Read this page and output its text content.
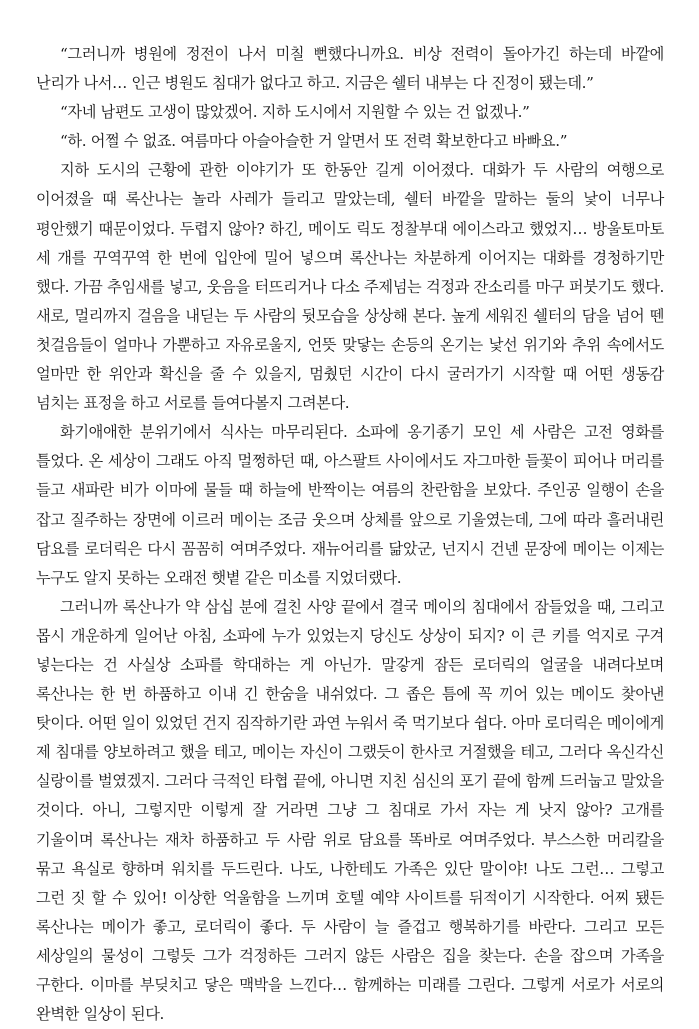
“그러니까 병원에 정전이 나서 미칠 뻔했다니까요. 비상 전력이 돌아가긴 하는데 바깥에 난리가 나서… 인근 병원도 침대가 없다고 하고. 지금은 쉘터 내부는 다 진정이 됐는데.”

“자네 남편도 고생이 많았겠어. 지하 도시에서 지원할 수 있는 건 없겠나.”

“하. 어쩔 수 없죠. 여름마다 아슬아슬한 거 알면서 또 전력 확보한다고 바빠요.”

지하 도시의 근황에 관한 이야기가 또 한동안 길게 이어졌다. 대화가 두 사람의 여행으로 이어졌을 때 록산나는 놀라 사레가 들리고 말았는데, 쉘터 바깥을 말하는 둘의 낯이 너무나 평안했기 때문이었다. 두렵지 않아? 하긴, 메이도 릭도 정찰부대 에이스라고 했었지… 방울토마토 세 개를 꾸역꾸역 한 번에 입안에 밀어 넣으며 록산나는 차분하게 이어지는 대화를 경청하기만 했다. 가끔 추임새를 넣고, 웃음을 터뜨리거나 다소 주제넘는 걱정과 잔소리를 마구 퍼붓기도 했다. 새로, 멀리까지 걸음을 내딛는 두 사람의 뒷모습을 상상해 본다. 높게 세워진 쉘터의 담을 넘어 뗀 첫걸음들이 얼마나 가뿐하고 자유로울지, 언뜻 맞닿는 손등의 온기는 낯선 위기와 추위 속에서도 얼마만 한 위안과 확신을 줄 수 있을지, 멈췄던 시간이 다시 굴러가기 시작할 때 어떤 생동감 넘치는 표정을 하고 서로를 들여다볼지 그려본다.

화기애애한 분위기에서 식사는 마무리된다. 소파에 옹기종기 모인 세 사람은 고전 영화를 틀었다. 온 세상이 그래도 아직 멀쩡하던 때, 아스팔트 사이에서도 자그마한 들꽃이 피어나 머리를 들고 새파란 비가 이마에 물들 때 하늘에 반짝이는 여름의 찬란함을 보았다. 주인공 일행이 손을 잡고 질주하는 장면에 이르러 메이는 조금 웃으며 상체를 앞으로 기울였는데, 그에 따라 흘러내린 담요를 로더릭은 다시 꼼꼼히 여며주었다. 재뉴어리를 닮았군, 넌지시 건넨 문장에 메이는 이제는 누구도 알지 못하는 오래전 햇볕 같은 미소를 지었더랬다.

그러니까 록산나가 약 삼십 분에 걸친 사양 끝에서 결국 메이의 침대에서 잠들었을 때, 그리고 몹시 개운하게 일어난 아침, 소파에 누가 있었는지 당신도 상상이 되지? 이 큰 키를 억지로 구겨 넣는다는 건 사실상 소파를 학대하는 게 아닌가. 말갛게 잠든 로더릭의 얼굴을 내려다보며 록산나는 한 번 하품하고 이내 긴 한숨을 내쉬었다. 그 좁은 틈에 꼭 끼어 있는 메이도 찾아낸 탓이다. 어떤 일이 있었던 건지 짐작하기란 과연 누워서 죽 먹기보다 쉽다. 아마 로더릭은 메이에게 제 침대를 양보하려고 했을 테고, 메이는 자신이 그랬듯이 한사코 거절했을 테고, 그러다 옥신각신 실랑이를 벌였겠지. 그러다 극적인 타협 끝에, 아니면 지친 심신의 포기 끝에 함께 드러눕고 말았을 것이다. 아니, 그렇지만 이렇게 잘 거라면 그냥 그 침대로 가서 자는 게 낫지 않아? 고개를 기울이며 록산나는 재차 하품하고 두 사람 위로 담요를 똑바로 여며주었다. 부스스한 머리칼을 묶고 욕실로 향하며 워치를 두드린다. 나도, 나한테도 가족은 있단 말이야! 나도 그런… 그렇고 그런 짓 할 수 있어! 이상한 억울함을 느끼며 호텔 예약 사이트를 뒤적이기 시작한다. 어찌 됐든 록산나는 메이가 좋고, 로더릭이 좋다. 두 사람이 늘 즐겁고 행복하기를 바란다. 그리고 모든 세상일의 물성이 그렇듯 그가 걱정하든 그러지 않든 사람은 집을 찾는다. 손을 잡으며 가족을 구한다. 이마를 부딪치고 닿은 맥박을 느낀다… 함께하는 미래를 그린다. 그렇게 서로가 서로의 완벽한 일상이 된다.
